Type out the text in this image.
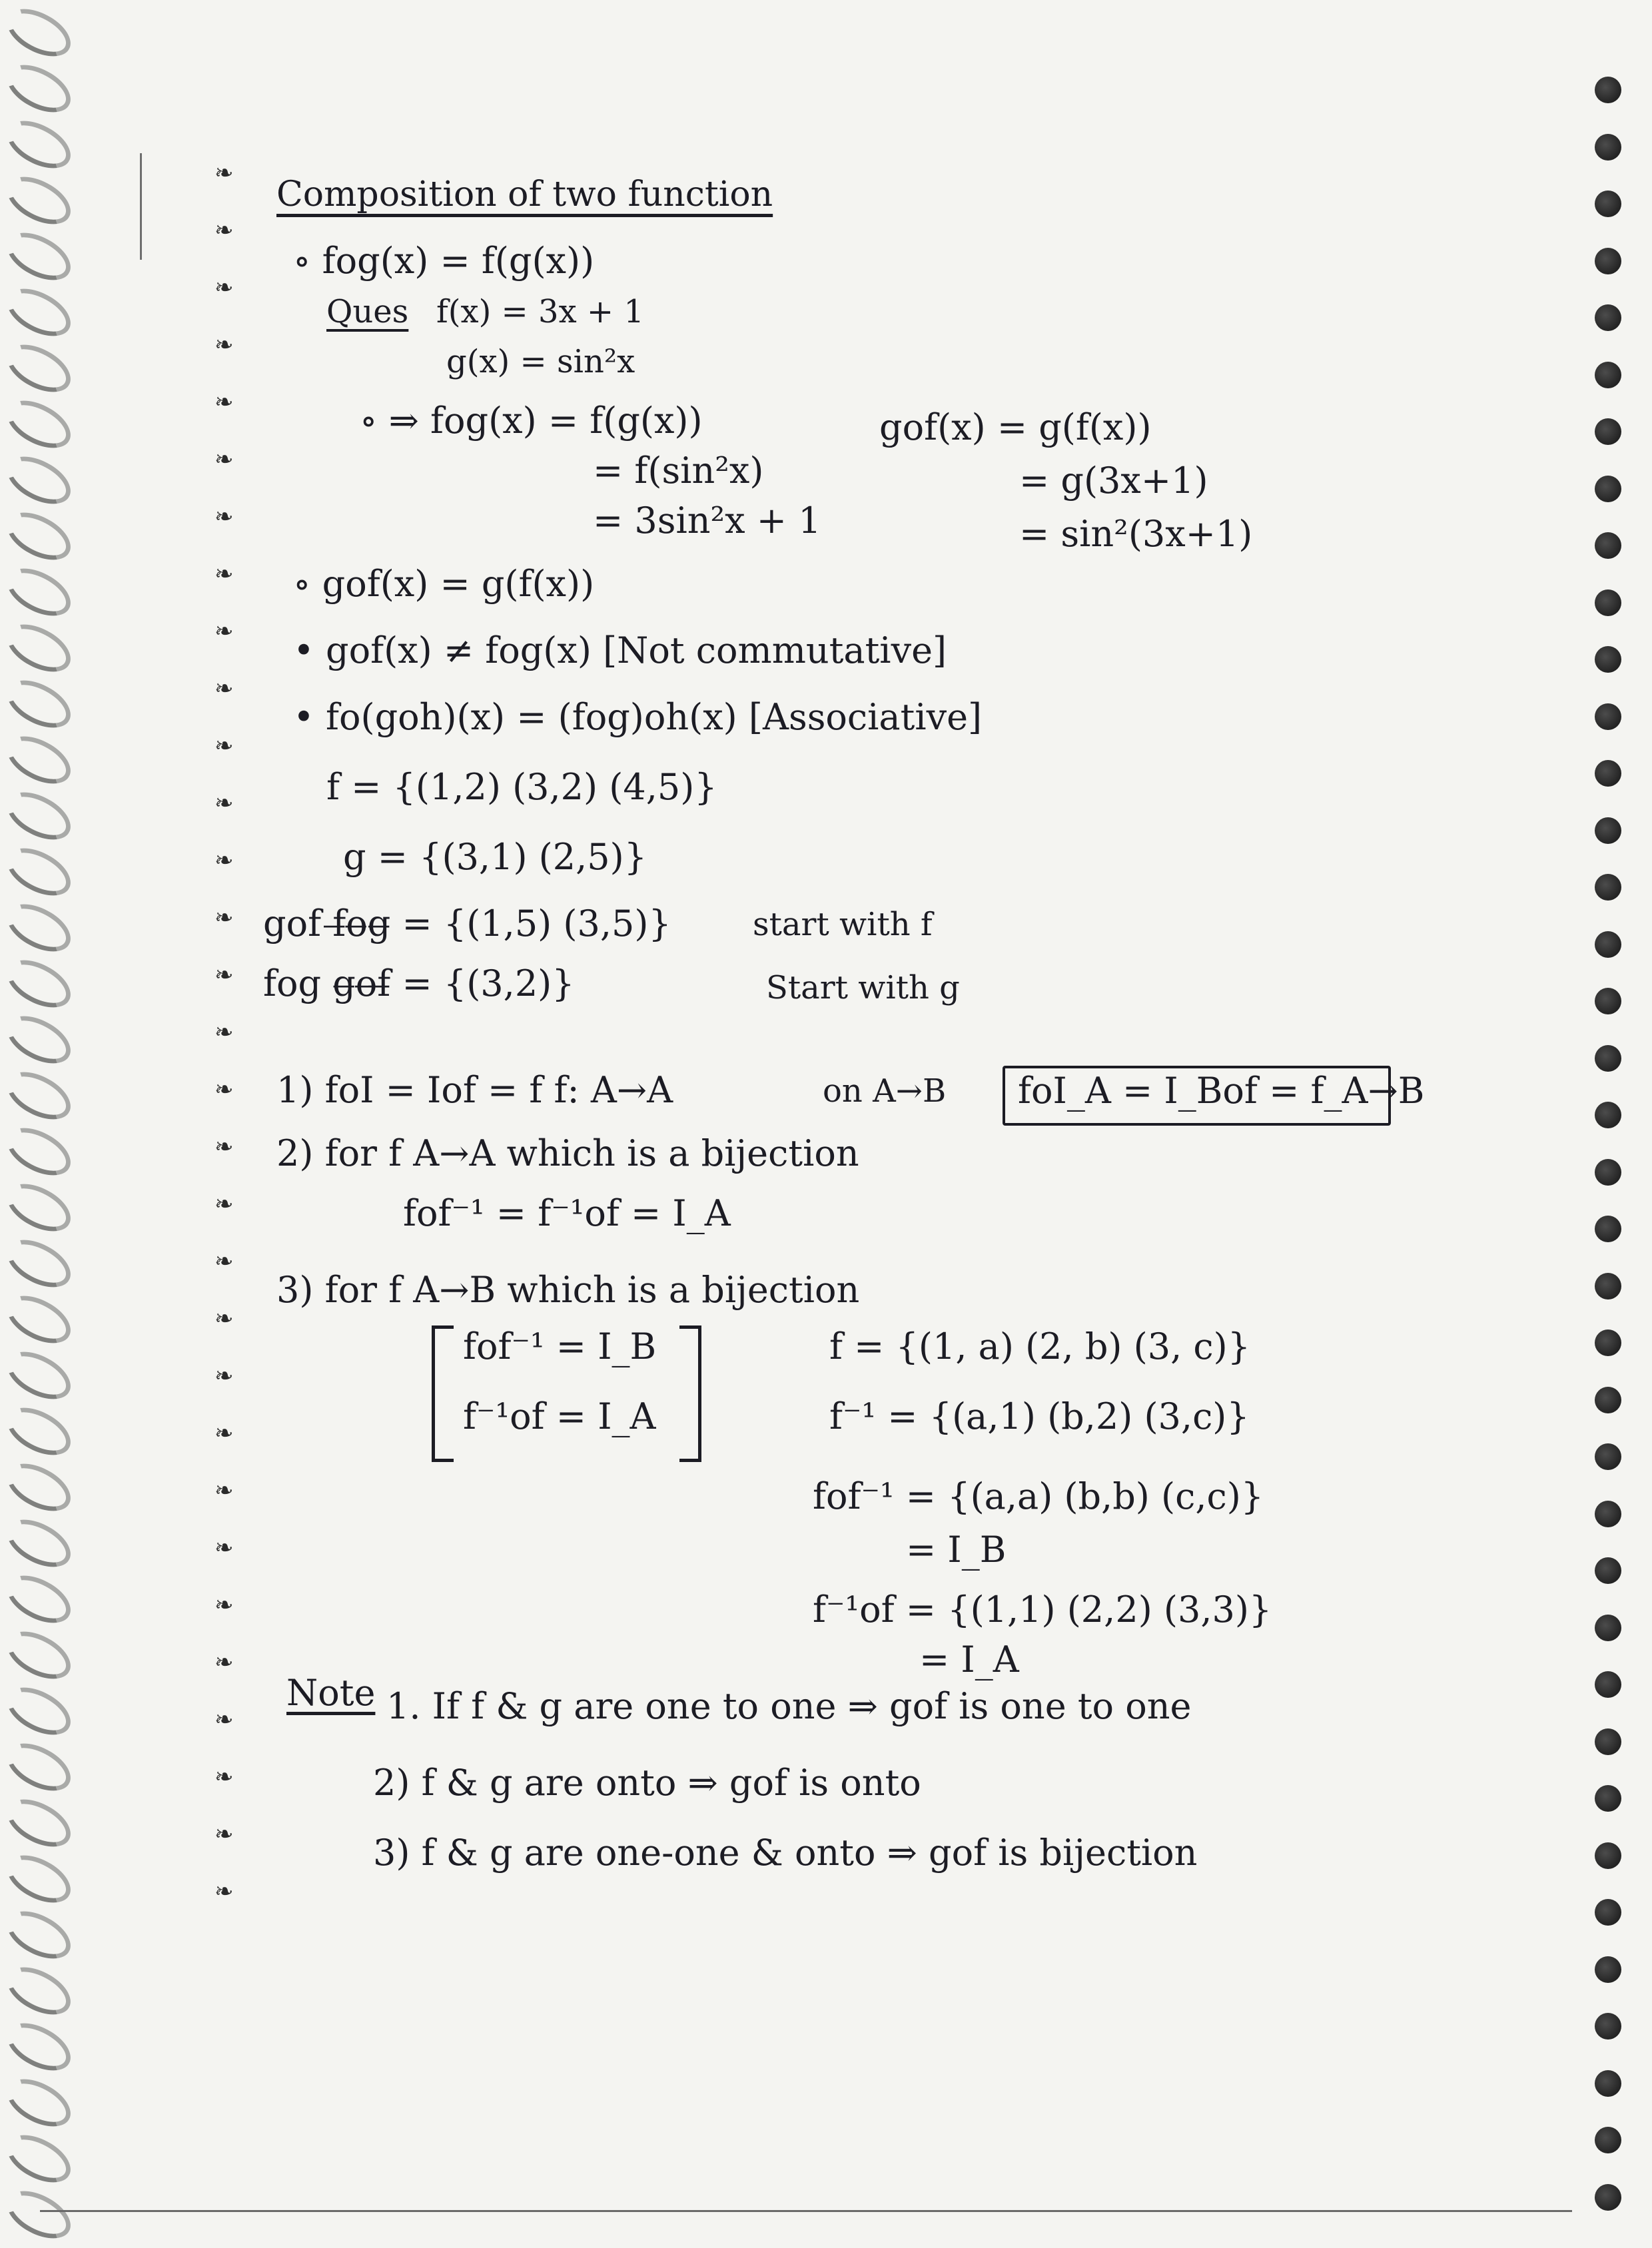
❧
❧
❧
❧
❧
❧
❧
❧
❧
❧
❧
❧
❧
❧
❧
❧
❧
❧
❧
❧
❧
❧
❧
❧
❧
❧
❧
❧
❧
❧
❧
Composition of two function
∘ fog(x) = f(g(x))
Ques f(x) = 3x + 1
g(x) = sin²x
∘ ⇒ fog(x) = f(g(x))
= f(sin²x)
= 3sin²x + 1
gof(x) = g(f(x))
= g(3x+1)
= sin²(3x+1)
∘ gof(x) = g(f(x))
• gof(x) ≠ fog(x) [Not commutative]
• fo(goh)(x) = (fog)oh(x) [Associative]
f = {(1,2) (3,2) (4,5)}
g = {(3,1) (2,5)}
gof f̶o̶g̶ = {(1,5) (3,5)}	start with f
fog g̶o̶f̶ = {(3,2)}	Start with g
1) foI = Iof = f f: A→A	on A→B foI_A = I_Bof = f_A→B
2) for f A→A which is a bijection
fof⁻¹ = f⁻¹of = I_A
3) for f A→B which is a bijection
fof⁻¹ = I_B
f⁻¹of = I_A
f = {(1, a) (2, b) (3, c)}
f⁻¹ = {(a,1) (b,2) (3,c)}
fof⁻¹ = {(a,a) (b,b) (c,c)}
= I_B
f⁻¹of = {(1,1) (2,2) (3,3)}
= I_A
Note 1. If f & g are one to one ⇒ gof is one to one
2) f & g are onto ⇒ gof is onto
3) f & g are one-one & onto ⇒ gof is bijection
